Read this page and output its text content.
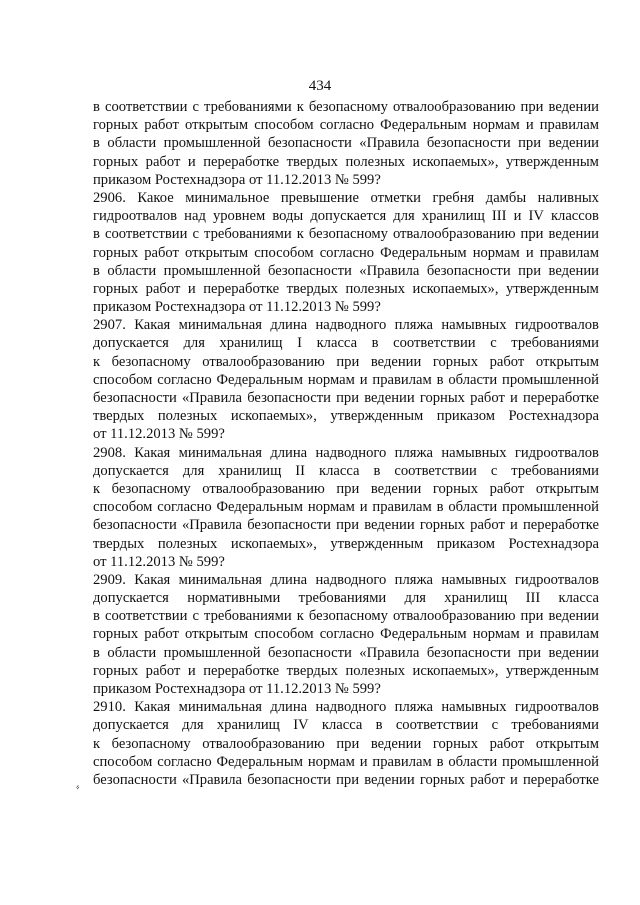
434
в соответствии с требованиями к безопасному отвалообразованию при ведении
горных работ открытым способом согласно Федеральным нормам и правилам
в области промышленной безопасности «Правила безопасности при ведении
горных работ и переработке твердых полезных ископаемых», утвержденным
приказом Ростехнадзора от 11.12.2013 № 599?
2906. Какое минимальное превышение отметки гребня дамбы наливных
гидроотвалов над уровнем воды допускается для хранилищ III и IV классов
в соответствии с требованиями к безопасному отвалообразованию при ведении
горных работ открытым способом согласно Федеральным нормам и правилам
в области промышленной безопасности «Правила безопасности при ведении
горных работ и переработке твердых полезных ископаемых», утвержденным
приказом Ростехнадзора от 11.12.2013 № 599?
2907. Какая минимальная длина надводного пляжа намывных гидроотвалов
допускается для хранилищ I класса в соответствии с требованиями
к безопасному отвалообразованию при ведении горных работ открытым
способом согласно Федеральным нормам и правилам в области промышленной
безопасности «Правила безопасности при ведении горных работ и переработке
твердых полезных ископаемых», утвержденным приказом Ростехнадзора
от 11.12.2013 № 599?
2908. Какая минимальная длина надводного пляжа намывных гидроотвалов
допускается для хранилищ II класса в соответствии с требованиями
к безопасному отвалообразованию при ведении горных работ открытым
способом согласно Федеральным нормам и правилам в области промышленной
безопасности «Правила безопасности при ведении горных работ и переработке
твердых полезных ископаемых», утвержденным приказом Ростехнадзора
от 11.12.2013 № 599?
2909. Какая минимальная длина надводного пляжа намывных гидроотвалов
допускается нормативными требованиями для хранилищ III класса
в соответствии с требованиями к безопасному отвалообразованию при ведении
горных работ открытым способом согласно Федеральным нормам и правилам
в области промышленной безопасности «Правила безопасности при ведении
горных работ и переработке твердых полезных ископаемых», утвержденным
приказом Ростехнадзора от 11.12.2013 № 599?
2910. Какая минимальная длина надводного пляжа намывных гидроотвалов
допускается для хранилищ IV класса в соответствии с требованиями
к безопасному отвалообразованию при ведении горных работ открытым
способом согласно Федеральным нормам и правилам в области промышленной
безопасности «Правила безопасности при ведении горных работ и переработке
⸗
